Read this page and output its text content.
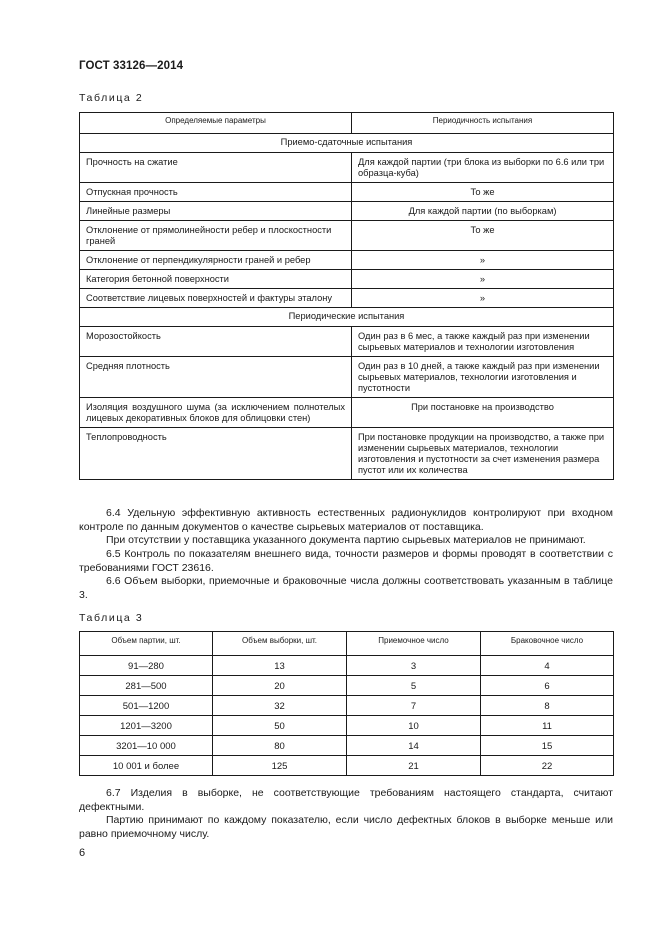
ГОСТ 33126—2014
Таблица 2
Определяемые параметры	Периодичность испытания
Приемо-сдаточные испытания	
Прочность на сжатие	Для каждой партии (три блока из выборки по 6.6 или три образца-куба)
Отпускная прочность	То же
Линейные размеры	Для каждой партии (по выборкам)
Отклонение от прямолинейности ребер и плоскостности граней	То же
Отклонение от перпендикулярности граней и ребер	»
Категория бетонной поверхности	»
Соответствие лицевых поверхностей и фактуры эталону	»
Периодические испытания	
Морозостойкость	Один раз в 6 мес, а также каждый раз при изменении сырьевых материалов и технологии изготовления
Средняя плотность	Один раз в 10 дней, а также каждый раз при изменении сырьевых материалов, технологии изготовления и пустотности
Изоляция воздушного шума (за исключением полнотелых лицевых декоративных блоков для облицовки стен)	При постановке на производство
Теплопроводность	При постановке продукции на производство, а также при изменении сырьевых материалов, технологии изготовления и пустотности за счет изменения размера пустот или их количества

6.4 Удельную эффективную активность естественных радионуклидов контролируют при входном контроле по данным документов о качестве сырьевых материалов от поставщика.

При отсутствии у поставщика указанного документа партию сырьевых материалов не принимают.

6.5 Контроль по показателям внешнего вида, точности размеров и формы проводят в соответствии с требованиями ГОСТ 23616.

6.6 Объем выборки, приемочные и браковочные числа должны соответствовать указанным в таблице 3.

Таблица 3
Объем партии, шт.	Объем выборки, шт.	Приемочное число	Браковочное число
91—280	13	3	4
281—500	20	5	6
501—1200	32	7	8
1201—3200	50	10	11
3201—10 000	80	14	15
10 001 и более	125	21	22

6.7 Изделия в выборке, не соответствующие требованиям настоящего стандарта, считают дефектными.

Партию принимают по каждому показателю, если число дефектных блоков в выборке меньше или равно приемочному числу.

6
